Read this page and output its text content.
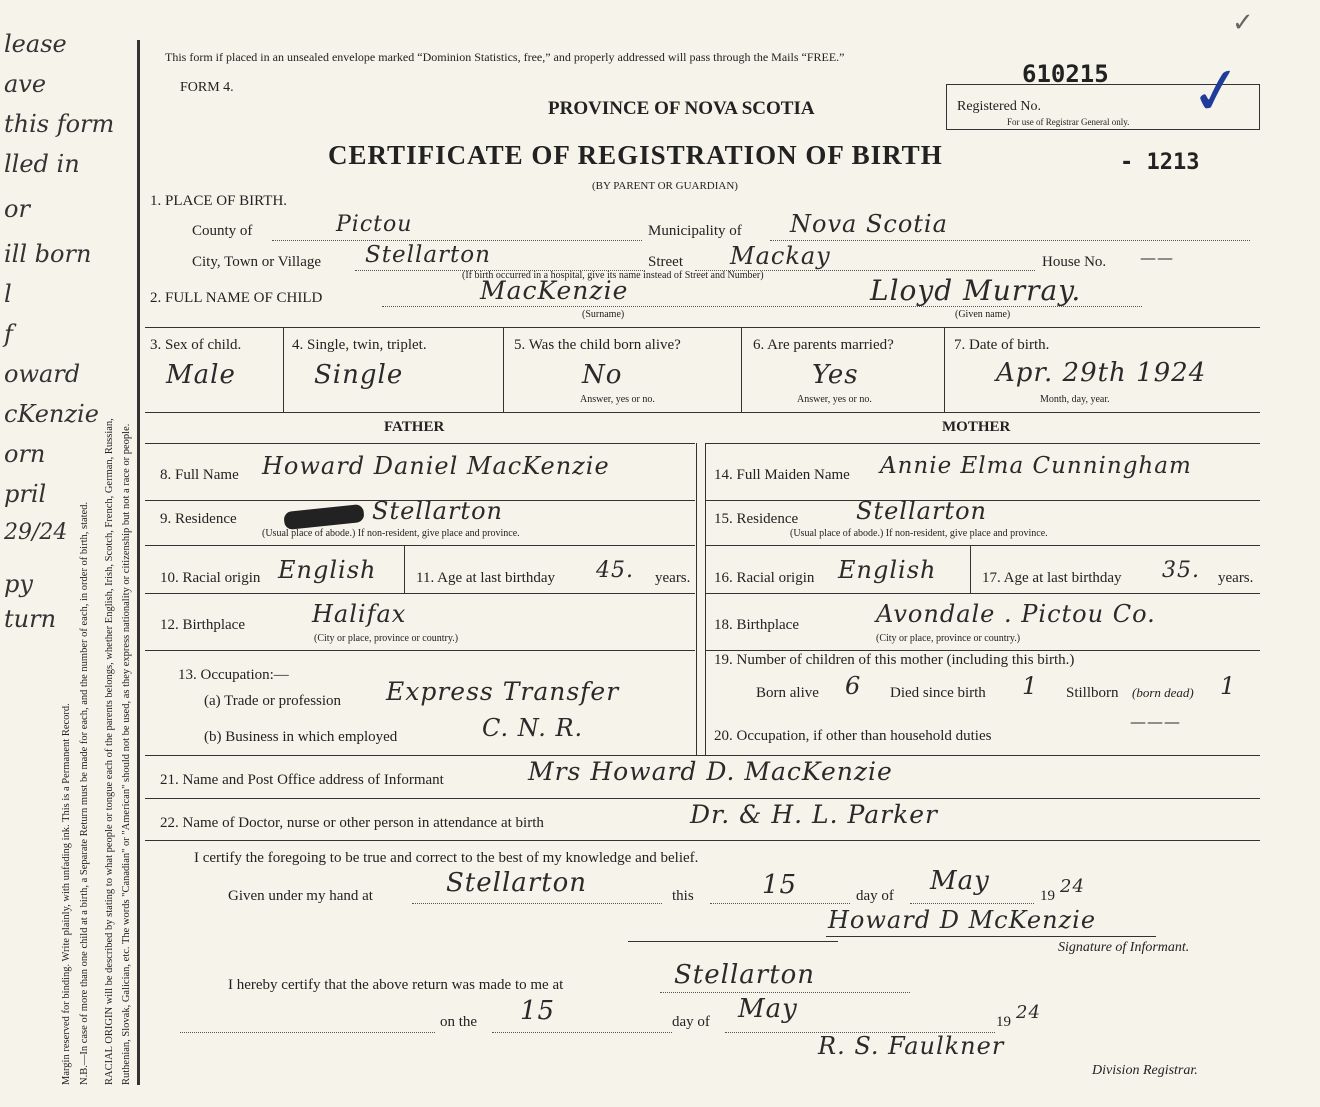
lease
ave
this form
lled in
or
ill born
l
f
oward
cKenzie
orn
pril
29/24
py
turn
Margin reserved for binding. Write plainly, with unfading ink. This is a Permanent Record. N.B.—In case of more than one child at a birth, a Separate Return must be made for each, and the number of each, in order of birth, stated. RACIAL ORIGIN will be described by stating to what people or tongue each of the parents belongs, whether English, Irish, Scotch, French, German, Russian, Ruthenian, Slovak, Galician, etc. The words "Canadian" or "American" should not be used, as they express nationality or citizenship but not a race or people.
This form if placed in an unsealed envelope marked “Dominion Statistics, free,” and properly addressed will pass through the Mails “FREE.”
FORM 4.
PROVINCE OF NOVA SCOTIA
CERTIFICATE OF REGISTRATION OF BIRTH
(BY PARENT OR GUARDIAN)
610215
Registered No.
For use of Registrar General only. ✓
✓
- 1213
1. PLACE OF BIRTH.
County of	Pictou	Municipality of Nova Scotia
City, Town or Village Stellarton	Street Mackay	House No. ——
(If birth occurred in a hospital, give its name instead of Street and Number)
2. FULL NAME OF CHILD	MacKenzie
(Surname)
Lloyd Murray.
(Given name)
3. Sex of child.
Male
4. Single, twin, triplet.
Single
5. Was the child born alive?
No
Answer, yes or no.
6. Are parents married?
Yes
Answer, yes or no.
7. Date of birth.
Apr. 29th 1924
Month, day, year.
FATHER	MOTHER
8. Full Name Howard Daniel MacKenzie
9. Residence	Stellarton
(Usual place of abode.) If non-resident, give place and province.
10. Racial origin English	11. Age at last birthday 45. years.
12. Birthplace	Halifax
(City or place, province or country.)
13. Occupation:—
(a) Trade or profession Express Transfer
(b) Business in which employed	C. N. R.
14. Full Maiden Name Annie Elma Cunningham
15. Residence Stellarton
(Usual place of abode.) If non-resident, give place and province.
16. Racial origin English	17. Age at last birthday 35. years.
18. Birthplace	Avondale . Pictou Co.
(City or place, province or country.)
19. Number of children of this mother (including this birth.)
Born alive 6 Died since birth 1 Stillborn (born dead) 1
20. Occupation, if other than household duties
———
21. Name and Post Office address of Informant	Mrs Howard D. MacKenzie
22. Name of Doctor, nurse or other person in attendance at birth	Dr. & H. L. Parker
I certify the foregoing to be true and correct to the best of my knowledge and belief.
Given under my hand at	Stellarton	this	15	day of May	19 24
Howard D McKenzie
Signature of Informant.
I hereby certify that the above return was made to me at	Stellarton
on the 15	day of May	19 24
R. S. Faulkner
Division Registrar.
